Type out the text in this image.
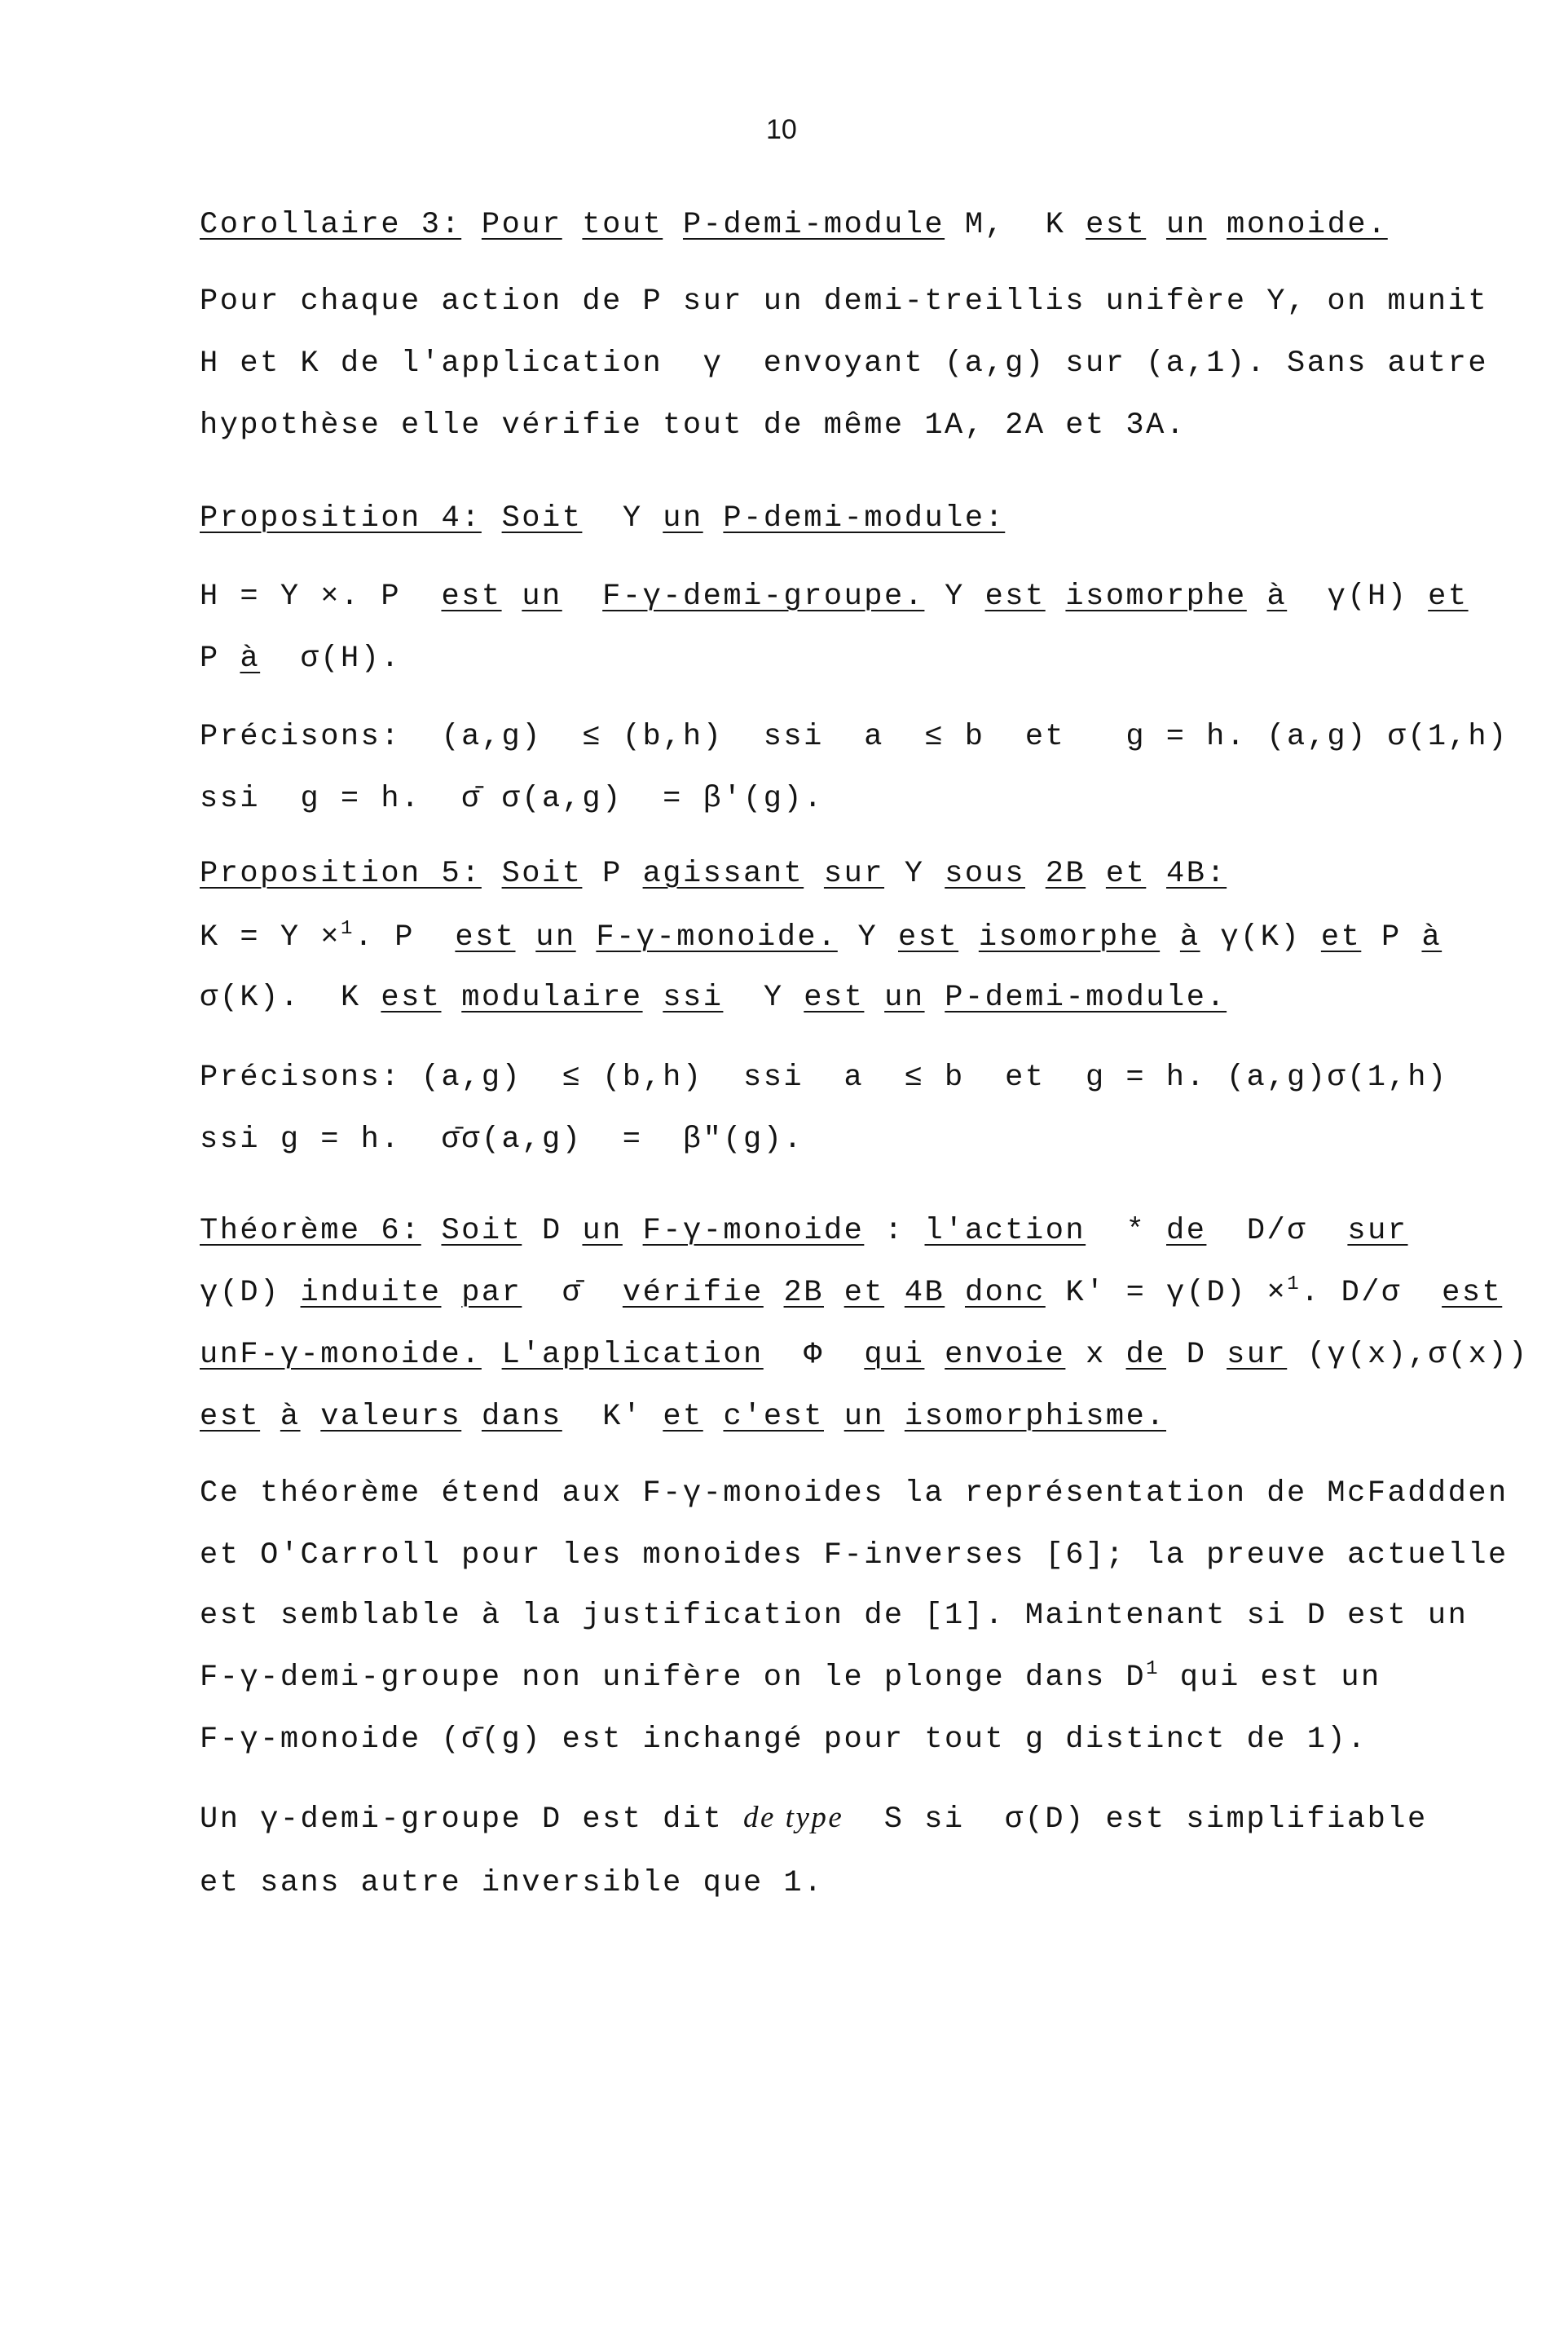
10
Corollaire 3: Pour tout P-demi-module M, K est un monoide.
Pour chaque action de P sur un demi-treillis unifère Y, on munit
H et K de l'application  γ  envoyant (a,g) sur (a,1). Sans autre
hypothèse elle vérifie tout de même 1A, 2A et 3A.
Proposition 4: Soit Y un P-demi-module:
H = Y ×. P est un F-γ-demi-groupe. Y est isomorphe à γ(H) et
P à σ(H).
Précisons:  (a,g)  ≤ (b,h)  ssi  a  ≤ b  et   g = h. (a,g) σ(1,h)
ssi  g = h.  σ̄ σ(a,g)  = β'(g).
Proposition 5: Soit P agissant sur Y sous 2B et 4B:
K = Y ×$^1$. P est un F-γ-monoide. Y est isomorphe à γ(K) et P à
σ(K). K est modulaire ssi Y est un P-demi-module.
Précisons: (a,g)  ≤ (b,h)  ssi  a  ≤ b  et  g = h. (a,g)σ(1,h)
ssi g = h.  σ̄σ(a,g)  =  β"(g).
Théorème 6: Soit D un F-γ-monoide : l'action * de D/σ sur
γ(D) induite par σ̄ vérifie 2B et 4B donc K' = γ(D) ×$^1$. D/σ est
unF-γ-monoide. L'application Φ qui envoie x de D sur (γ(x),σ(x))
est à valeurs dans K' et c'est un isomorphisme.
Ce théorème étend aux F-γ-monoides la représentation de McFaddden
et O'Carroll pour les monoides F-inverses [6]; la preuve actuelle
est semblable à la justification de [1]. Maintenant si D est un
F-γ-demi-groupe non unifère on le plonge dans $D^1$ qui est un
F-γ-monoide (σ̄(g) est inchangé pour tout g distinct de 1).
Un γ-demi-groupe D est dit de type  S si  σ(D) est simplifiable
et sans autre inversible que 1.
